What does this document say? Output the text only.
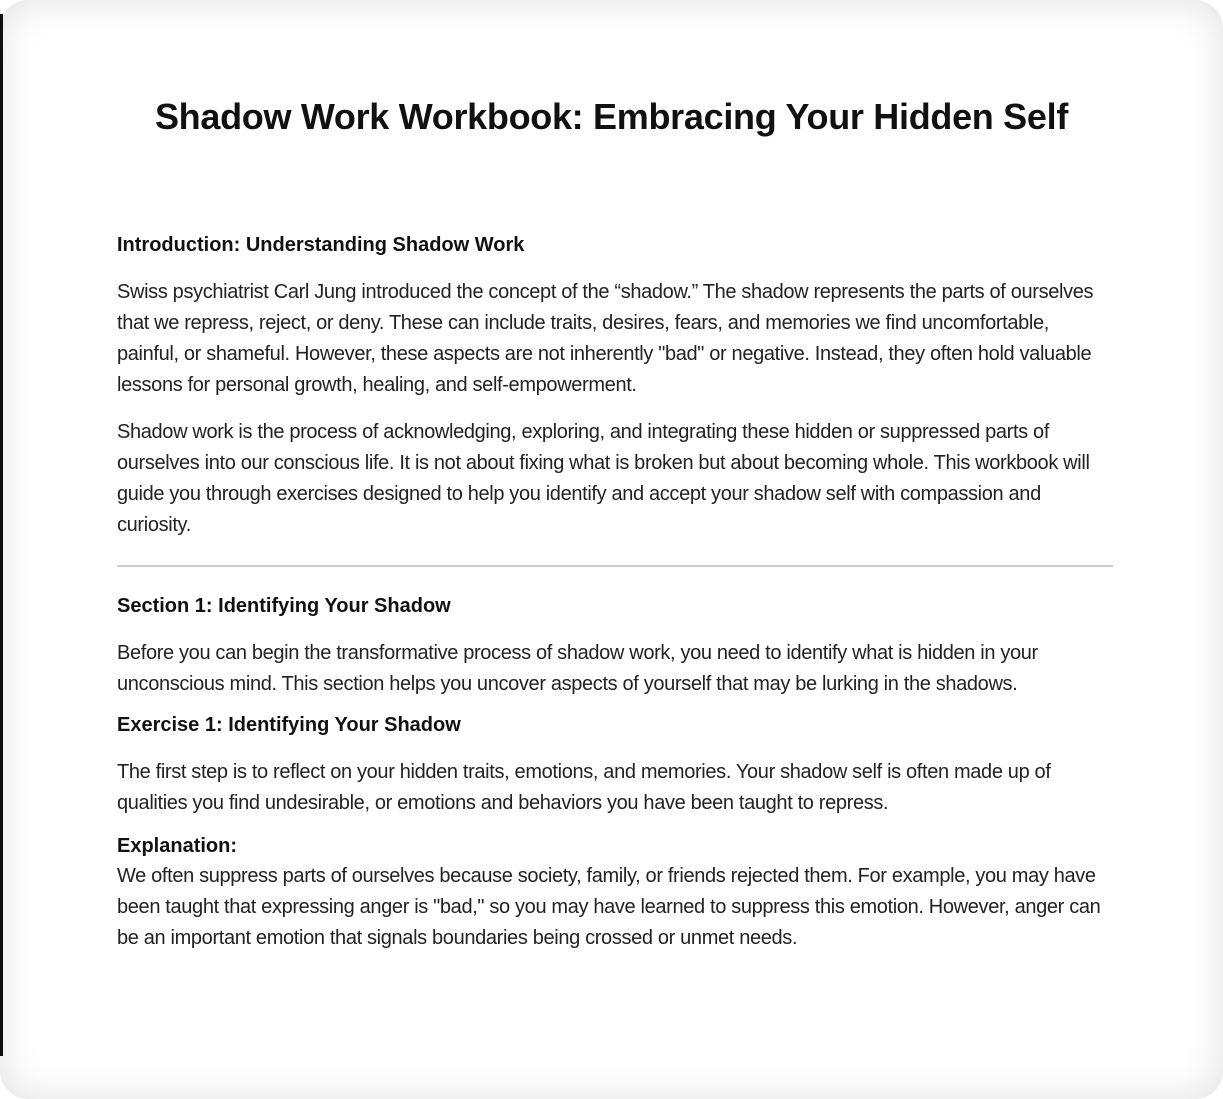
Shadow Work Workbook: Embracing Your Hidden Self
Introduction: Understanding Shadow Work

Swiss psychiatrist Carl Jung introduced the concept of the “shadow.” The shadow represents the parts of ourselves that we repress, reject, or deny. These can include traits, desires, fears, and memories we find uncomfortable, painful, or shameful. However, these aspects are not inherently "bad" or negative. Instead, they often hold valuable lessons for personal growth, healing, and self-empowerment.

Shadow work is the process of acknowledging, exploring, and integrating these hidden or suppressed parts of ourselves into our conscious life. It is not about fixing what is broken but about becoming whole. This workbook will guide you through exercises designed to help you identify and accept your shadow self with compassion and curiosity.

Section 1: Identifying Your Shadow

Before you can begin the transformative process of shadow work, you need to identify what is hidden in your unconscious mind. This section helps you uncover aspects of yourself that may be lurking in the shadows.

Exercise 1: Identifying Your Shadow

The first step is to reflect on your hidden traits, emotions, and memories. Your shadow self is often made up of qualities you find undesirable, or emotions and behaviors you have been taught to repress.

Explanation:

We often suppress parts of ourselves because society, family, or friends rejected them. For example, you may have been taught that expressing anger is "bad," so you may have learned to suppress this emotion. However, anger can be an important emotion that signals boundaries being crossed or unmet needs.
